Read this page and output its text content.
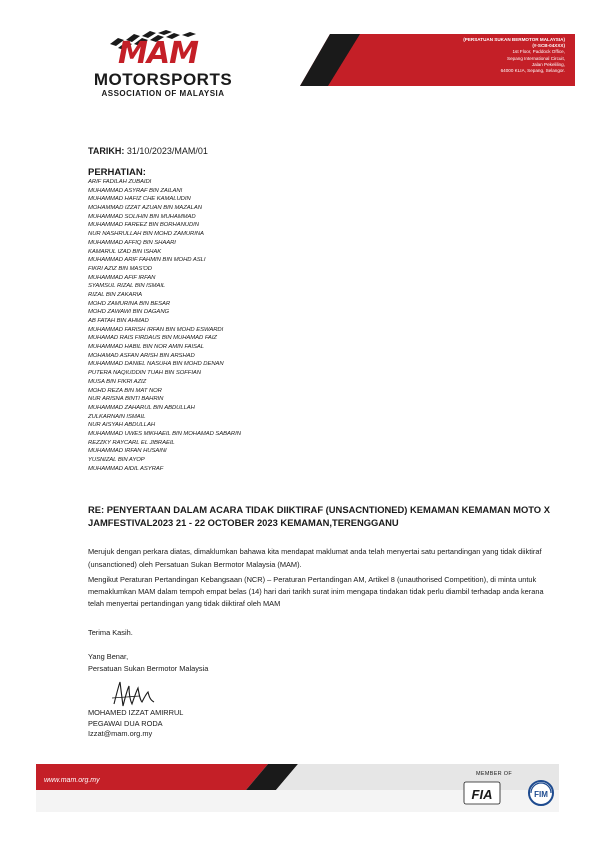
MAM
MOTORSPORTS
ASSOCIATION OF MALAYSIA
(PERSATUAN SUKAN BERMOTOR MALAYSIA)
(#-SCB-04XXX)
1st Floor, Paddock Office,
Sepang International Circuit,
Jalan Pekeliling,
64000 KLIA, Sepang, Selangor.
TARIKH: 31/10/2023/MAM/01
PERHATIAN:
ARIF FADILAH ZUBAIDI
MUHAMMAD ASYRAF BIN ZAILANI
MUHAMMAD HAFIZ CHE KAMALUDIN
MOHAMMAD IZZAT AZUAN BIN MAZALAN
MUHAMMAD SOLIHIN BIN MUHAMMAD
MUHAMMAD FAREEZ BIN BORHANUDIN
NUR NASHRULLAH BIN MOHD ZAMURINA
MUHAMMAD AFFIQ BIN SHAARI
KAMARUL IZAD BIN ISHAK
MUHAMMAD ARIF FAHMIN BIN MOHD ASLI
FIKRI AZIZ BIN MAS'OD
MUHAMMAD AFIF IRFAN
SYAMSUL RIZAL BIN ISMAIL
RIZAL BIN ZAKARIA
MOHD ZAMURINA BIN BESAR
MOHD ZAWAWI BIN DAGANG
AB FATAH BIN AHMAD
MUHAMMAD FARISH IRFAN BIN MOHD ESWARDI
MUHAMAD RAIS FIRDAUS BIN MUHAMAD FAIZ
MUHAMMAD HABIL BIN NOR AMIN FAISAL
MOHAMAD ASFAN ARISH BIN ARSHAD
MUHAMMAD DANIEL NASUHA BIN MOHD DENAN
PUTERA NAQIUDDIN TUAH BIN SOFFIAN
MUSA BIN FIKRI AZIZ
MOHD REZA BIN MAT NOR
NUR ARISNA BINTI BAHRIN
MUHAMMAD ZAHARUL BIN ABDULLAH
ZULKARNAIN ISMAIL
NUR AISYAH ABDULLAH
MUHAMMAD UWES MIKHAEIL BIN MOHAMAD SABARIN
REZZKY RAYCARL EL JIBRAEIL
MUHAMMAD IRFAN HUSAINI
YUSNIZAL BIN AYOP
MUHAMMAD AIDIL ASYRAF
RE: PENYERTAAN DALAM ACARA TIDAK DIIKTIRAF (UNSACNTIONED) KEMAMAN KEMAMAN MOTO X JAMFESTIVAL2023 21 - 22 OCTOBER 2023 KEMAMAN,TERENGGANU

Merujuk dengan perkara diatas, dimaklumkan bahawa kita mendapat maklumat anda telah menyertai satu pertandingan yang tidak diiktiraf (unsanctioned) oleh Persatuan Sukan Bermotor Malaysia (MAM).

Mengikut Peraturan Pertandingan Kebangsaan (NCR) – Peraturan Pertandingan AM, Artikel 8 (unauthorised Competition), di minta untuk memaklumkan MAM dalam tempoh empat belas (14) hari dari tarikh surat inim mengapa tindakan tidak perlu diambil terhadap anda kerana telah menyertai pertandingan yang tidak diiktiraf oleh MAM

Terima Kasih.
Yang Benar,
Persatuan Sukan Bermotor Malaysia
MOHAMED IZZAT AMIRRUL
PEGAWAI DUA RODA
Izzat@mam.org.my
www.mam.org.my
MEMBER OF
FIA	FIM
